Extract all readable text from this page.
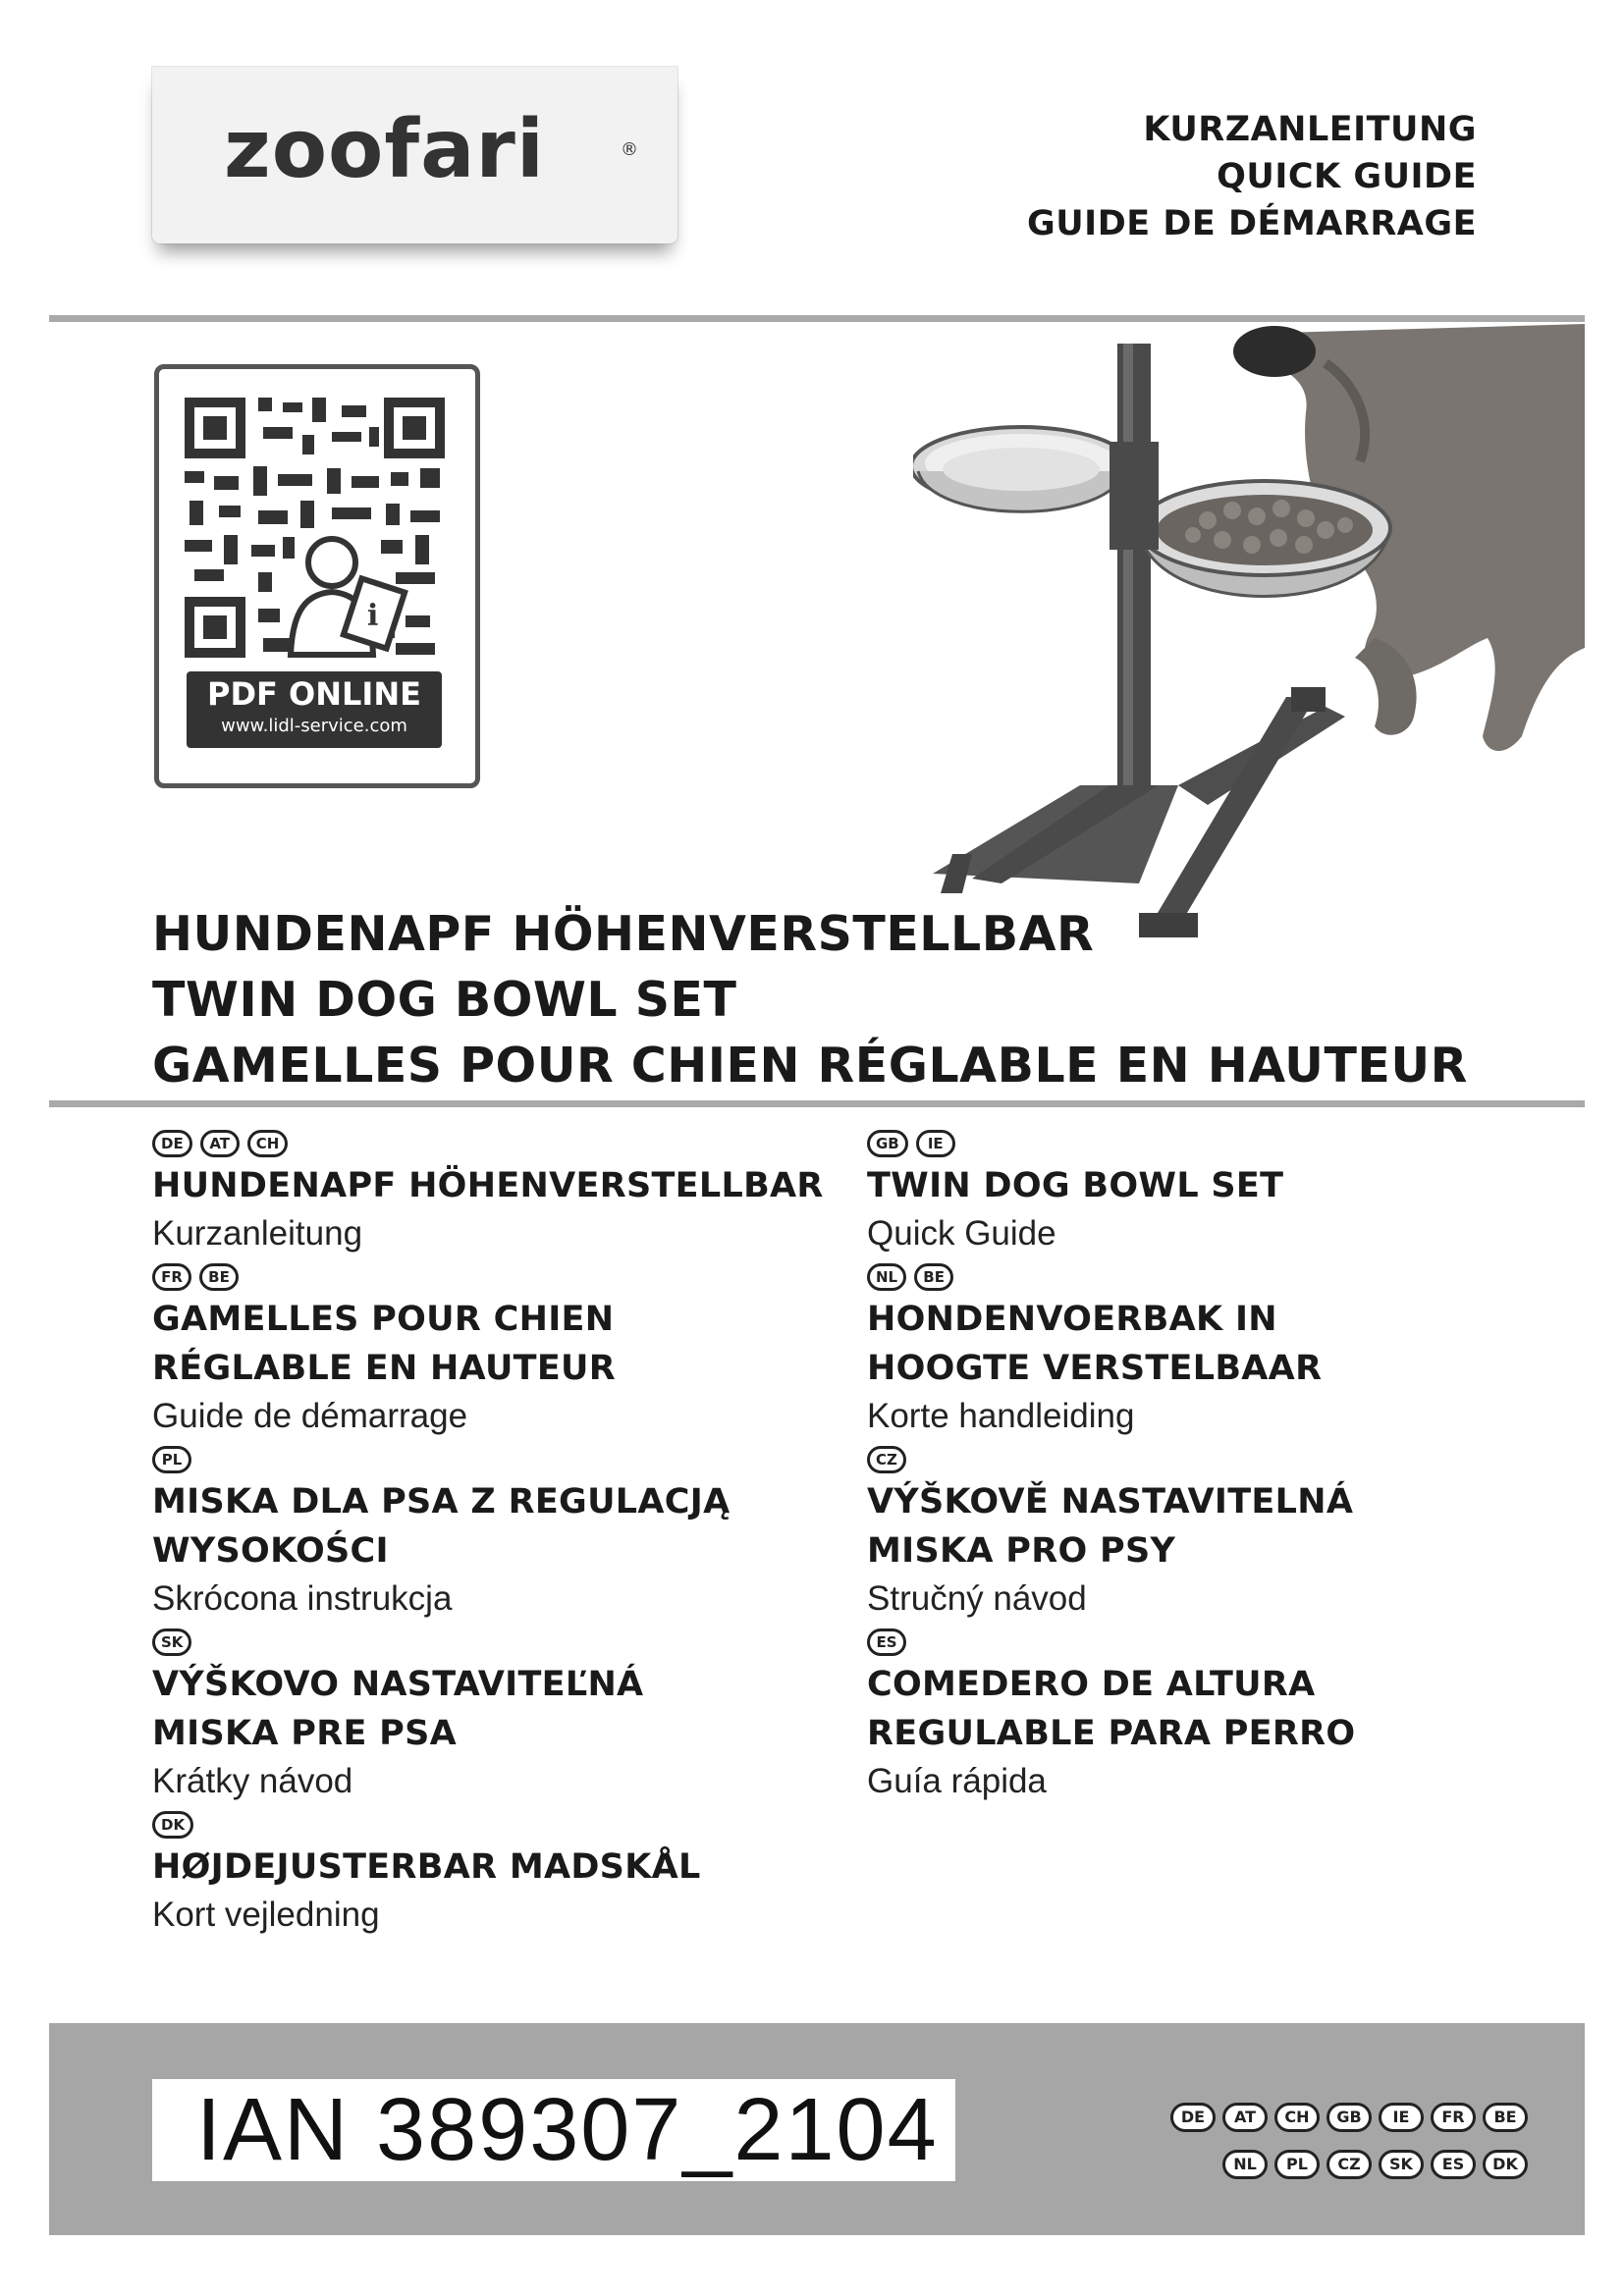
zoofari	®
KURZANLEITUNG
QUICK GUIDE
GUIDE DE DÉMARRAGE
i
PDF ONLINE
www.lidl-service.com
HUNDENAPF HÖHENVERSTELLBAR
TWIN DOG BOWL SET
GAMELLES POUR CHIEN RÉGLABLE EN HAUTEUR
DE	AT	CH
HUNDENAPF HÖHENVERSTELLBAR
Kurzanleitung
FR	BE
GAMELLES POUR CHIEN
RÉGLABLE EN HAUTEUR
Guide de démarrage
PL
MISKA DLA PSA Z REGULACJĄ
WYSOKOŚCI
Skrócona instrukcja
SK
VÝŠKOVO NASTAVITEĽNÁ
MISKA PRE PSA
Krátky návod
DK
HØJDEJUSTERBAR MADSKÅL
Kort vejledning
GB	IE
TWIN DOG BOWL SET
Quick Guide
NL	BE
HONDENVOERBAK IN
HOOGTE VERSTELBAAR
Korte handleiding
CZ
VÝŠKOVĚ NASTAVITELNÁ
MISKA PRO PSY
Stručný návod
ES
COMEDERO DE ALTURA
REGULABLE PARA PERRO
Guía rápida
IAN 389307_2104	DE AT CH GB IE FR BE
NL PL CZ SK ES DK
